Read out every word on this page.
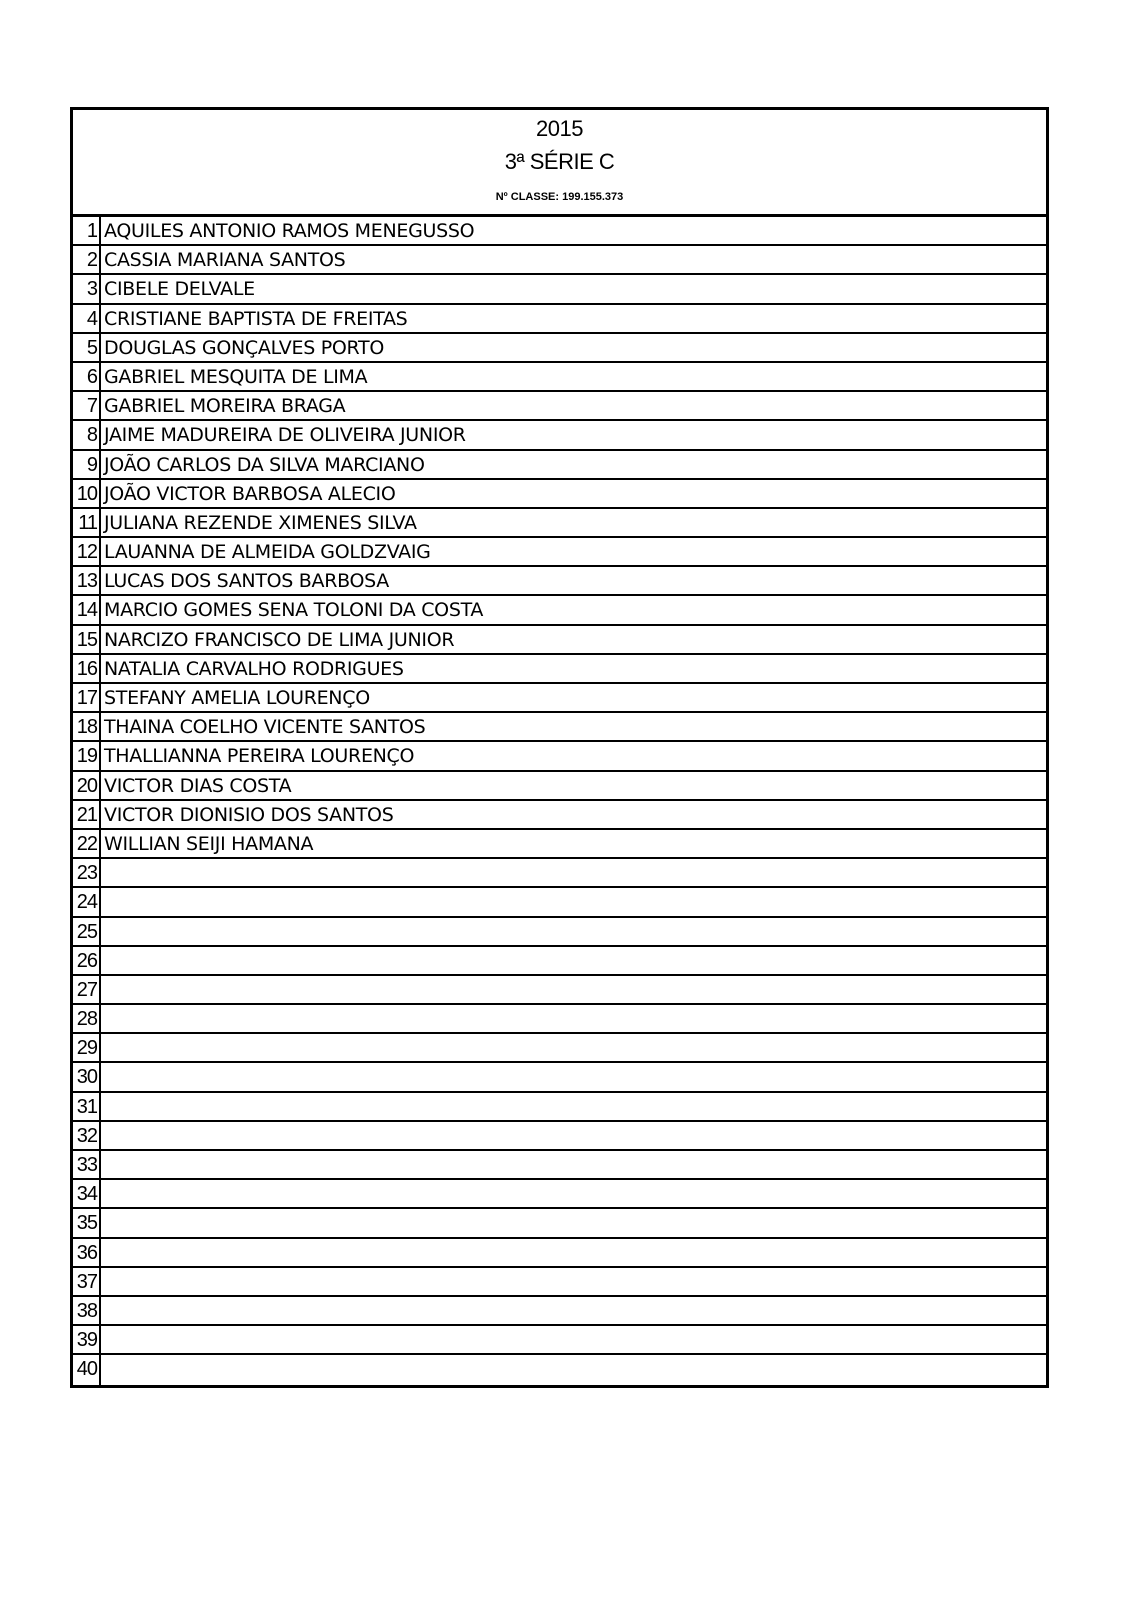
2015
3ª SÉRIE C
Nº CLASSE: 199.155.373
1 AQUILES ANTONIO RAMOS MENEGUSSO
2 CASSIA MARIANA SANTOS
3 CIBELE DELVALE
4 CRISTIANE BAPTISTA DE FREITAS
5 DOUGLAS GONÇALVES PORTO
6 GABRIEL MESQUITA DE LIMA
7 GABRIEL MOREIRA BRAGA
8 JAIME MADUREIRA DE OLIVEIRA JUNIOR
9 JOÃO CARLOS DA SILVA MARCIANO
10 JOÃO VICTOR BARBOSA ALECIO
11 JULIANA REZENDE XIMENES SILVA
12 LAUANNA DE ALMEIDA GOLDZVAIG
13 LUCAS DOS SANTOS BARBOSA
14 MARCIO GOMES SENA TOLONI DA COSTA
15 NARCIZO FRANCISCO DE LIMA JUNIOR
16 NATALIA CARVALHO RODRIGUES
17 STEFANY AMELIA LOURENÇO
18 THAINA COELHO VICENTE SANTOS
19 THALLIANNA PEREIRA LOURENÇO
20 VICTOR DIAS COSTA
21 VICTOR DIONISIO DOS SANTOS
22 WILLIAN SEIJI HAMANA
23
24
25
26
27
28
29
30
31
32
33
34
35
36
37
38
39
40
